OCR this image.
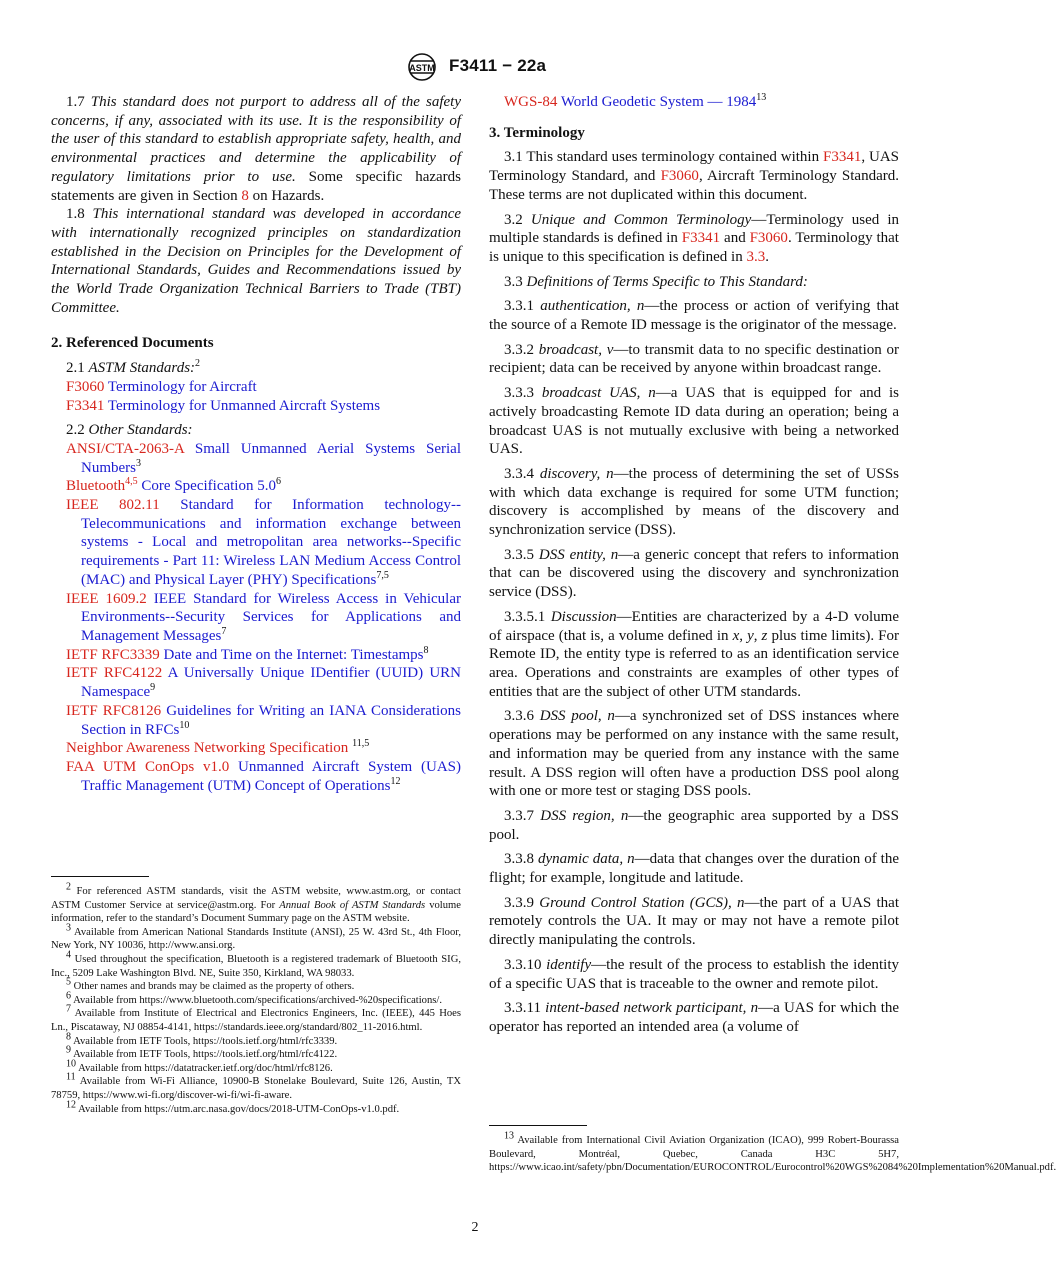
ASTM F3411 − 22a

1.7 This standard does not purport to address all of the safety concerns, if any, associated with its use. It is the responsibility of the user of this standard to establish appropriate safety, health, and environmental practices and determine the applicability of regulatory limitations prior to use. Some specific hazards statements are given in Section 8 on Hazards.

1.8 This international standard was developed in accordance with internationally recognized principles on standardization established in the Decision on Principles for the Development of International Standards, Guides and Recommendations issued by the World Trade Organization Technical Barriers to Trade (TBT) Committee.

2. Referenced Documents

2.1 ASTM Standards:$^2$

F3060 Terminology for Aircraft

F3341 Terminology for Unmanned Aircraft Systems

2.2 Other Standards:

ANSI/CTA-2063-A Small Unmanned Aerial Systems Serial Numbers$^3$

Bluetooth$^{4,5}$ Core Specification $5.0^6$

IEEE 802.11 Standard for Information technology--Telecommunications and information exchange between systems - Local and metropolitan area networks--Specific requirements - Part 11: Wireless LAN Medium Access Control (MAC) and Physical Layer (PHY) Specifications$^{7,5}$

IEEE 1609.2 IEEE Standard for Wireless Access in Vehicular Environments--Security Services for Applications and Management Messages$^7$

IETF RFC3339 Date and Time on the Internet: Timestamps$^8$

IETF RFC4122 A Universally Unique IDentifier (UUID) URN Namespace$^9$

IETF RFC8126 Guidelines for Writing an IANA Considerations Section in RFCs$^{10}$

Neighbor Awareness Networking Specification $^{11,5}$

FAA UTM ConOps v1.0 Unmanned Aircraft System (UAS) Traffic Management (UTM) Concept of Operations$^{12}$

$^2$ For referenced ASTM standards, visit the ASTM website, www.astm.org, or contact ASTM Customer Service at service@astm.org. For Annual Book of ASTM Standards volume information, refer to the standard’s Document Summary page on the ASTM website.

$^3$ Available from American National Standards Institute (ANSI), 25 W. 43rd St., 4th Floor, New York, NY 10036, http://www.ansi.org.

$^4$ Used throughout the specification, Bluetooth is a registered trademark of Bluetooth SIG, Inc., 5209 Lake Washington Blvd. NE, Suite 350, Kirkland, WA 98033.

$^5$ Other names and brands may be claimed as the property of others.

$^6$ Available from https://www.bluetooth.com/specifications/archived-%20specifications/.

$^7$ Available from Institute of Electrical and Electronics Engineers, Inc. (IEEE), 445 Hoes Ln., Piscataway, NJ 08854-4141, https://standards.ieee.org/standard/802_11-2016.html.

$^8$ Available from IETF Tools, https://tools.ietf.org/html/rfc3339.

$^9$ Available from IETF Tools, https://tools.ietf.org/html/rfc4122.

$^{10}$ Available from https://datatracker.ietf.org/doc/html/rfc8126.

$^{11}$ Available from Wi-Fi Alliance, 10900-B Stonelake Boulevard, Suite 126, Austin, TX 78759, https://www.wi-fi.org/discover-wi-fi/wi-fi-aware.

$^{12}$ Available from https://utm.arc.nasa.gov/docs/2018-UTM-ConOps-v1.0.pdf.

WGS-84 World Geodetic System — 1984$^{13}$

3. Terminology

3.1 This standard uses terminology contained within F3341, UAS Terminology Standard, and F3060, Aircraft Terminology Standard. These terms are not duplicated within this document.

3.2 Unique and Common Terminology—Terminology used in multiple standards is defined in F3341 and F3060. Terminology that is unique to this specification is defined in 3.3.

3.3 Definitions of Terms Specific to This Standard:

3.3.1 authentication, n—the process or action of verifying that the source of a Remote ID message is the originator of the message.

3.3.2 broadcast, v—to transmit data to no specific destination or recipient; data can be received by anyone within broadcast range.

3.3.3 broadcast UAS, n—a UAS that is equipped for and is actively broadcasting Remote ID data during an operation; being a broadcast UAS is not mutually exclusive with being a networked UAS.

3.3.4 discovery, n—the process of determining the set of USSs with which data exchange is required for some UTM function; discovery is accomplished by means of the discovery and synchronization service (DSS).

3.3.5 DSS entity, n—a generic concept that refers to information that can be discovered using the discovery and synchronization service (DSS).

3.3.5.1 Discussion—Entities are characterized by a 4-D volume of airspace (that is, a volume defined in x, y, z plus time limits). For Remote ID, the entity type is referred to as an identification service area. Operations and constraints are examples of other types of entities that are the subject of other UTM standards.

3.3.6 DSS pool, n—a synchronized set of DSS instances where operations may be performed on any instance with the same result, and information may be queried from any instance with the same result. A DSS region will often have a production DSS pool along with one or more test or staging DSS pools.

3.3.7 DSS region, n—the geographic area supported by a DSS pool.

3.3.8 dynamic data, n—data that changes over the duration of the flight; for example, longitude and latitude.

3.3.9 Ground Control Station (GCS), n—the part of a UAS that remotely controls the UA. It may or may not have a remote pilot directly manipulating the controls.

3.3.10 identify—the result of the process to establish the identity of a specific UAS that is traceable to the owner and remote pilot.

3.3.11 intent-based network participant, n—a UAS for which the operator has reported an intended area (a volume of

$^{13}$ Available from International Civil Aviation Organization (ICAO), 999 Robert-Bourassa Boulevard, Montréal, Quebec, Canada H3C 5H7, https://www.icao.int/safety/pbn/Documentation/EUROCONTROL/Eurocontrol%20WGS%2084%20Implementation%20Manual.pdf.

2
